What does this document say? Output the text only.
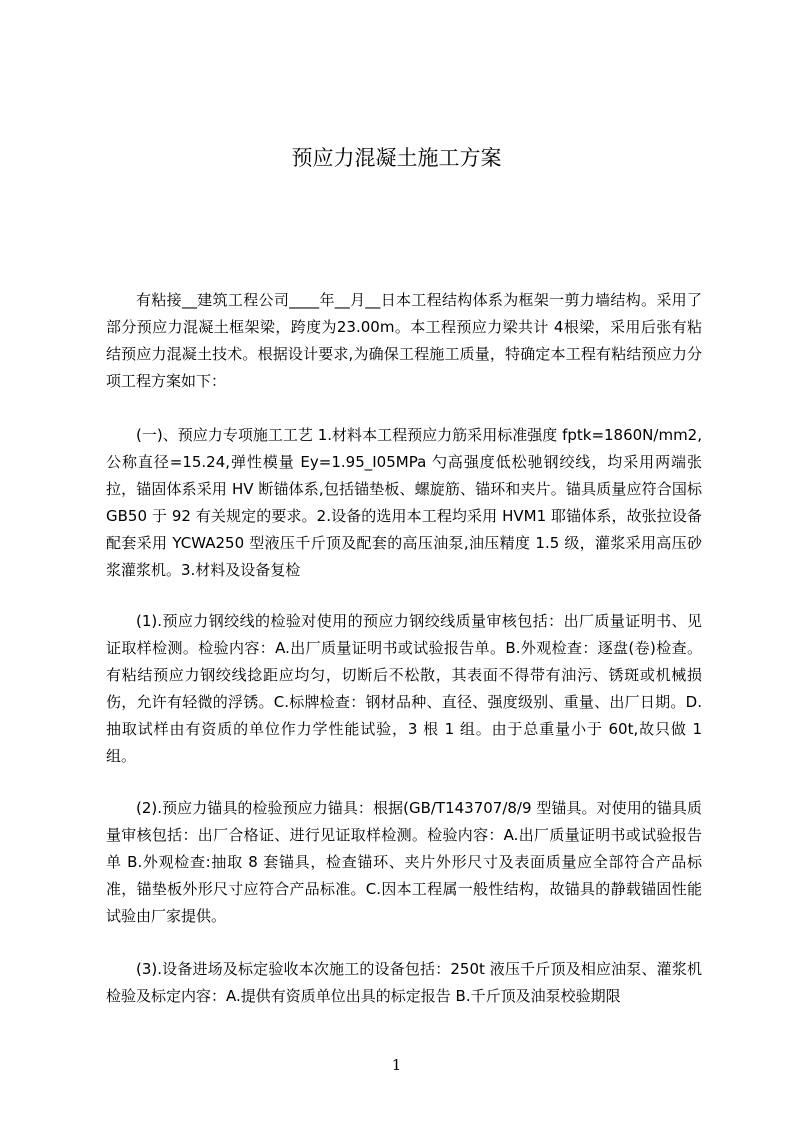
预应力混凝土施工方案

有粘接__建筑工程公司____年__月__日本工程结构体系为框架一剪力墙结构。采用了部分预应力混凝土框架梁，跨度为23.00m。本工程预应力梁共计 4根梁，采用后张有粘结预应力混凝土技术。根据设计要求,为确保工程施工质量，特确定本工程有粘结预应力分项工程方案如下：

(一)、预应力专项施工工艺 1.材料本工程预应力筋采用标准强度 fptk=1860N/mm2,公称直径=15.24,弹性模量 Ey=1.95_I05MPa 勺高强度低松驰钢绞线，均采用两端张拉，锚固体系采用 HV 断锚体系,包括锚垫板、螺旋筋、锚环和夹片。锚具质量应符合国标 GB50 于 92 有关规定的要求。2.设备的选用本工程均采用 HVM1 耶锚体系，故张拉设备配套采用 YCWA250 型液压千斤顶及配套的高压油泵,油压精度 1.5 级，灌浆采用高压砂浆灌浆机。3.材料及设备复检

(1).预应力钢绞线的检验对使用的预应力钢绞线质量审核包括：出厂质量证明书、见证取样检测。检验内容：A.出厂质量证明书或试验报告单。B.外观检查：逐盘(卷)检查。有粘结预应力钢绞线捻距应均匀，切断后不松散，其表面不得带有油污、锈斑或机械损伤，允许有轻微的浮锈。C.标牌检查：钢材品种、直径、强度级别、重量、出厂日期。D.抽取试样由有资质的单位作力学性能试验，3 根 1 组。由于总重量小于 60t,故只做 1 组。

(2).预应力锚具的检验预应力锚具：根据(GB/T143707/8/9 型锚具。对使用的锚具质量审核包括：出厂合格证、进行见证取样检测。检验内容：A.出厂质量证明书或试验报告单 B.外观检查:抽取 8 套锚具，检查锚环、夹片外形尺寸及表面质量应全部符合产品标准，锚垫板外形尺寸应符合产品标准。C.因本工程属一般性结构，故锚具的静载锚固性能试验由厂家提供。

(3).设备进场及标定验收本次施工的设备包括：250t 液压千斤顶及相应油泵、灌浆机检验及标定内容：A.提供有资质单位出具的标定报告 B.千斤顶及油泵校验期限

1
